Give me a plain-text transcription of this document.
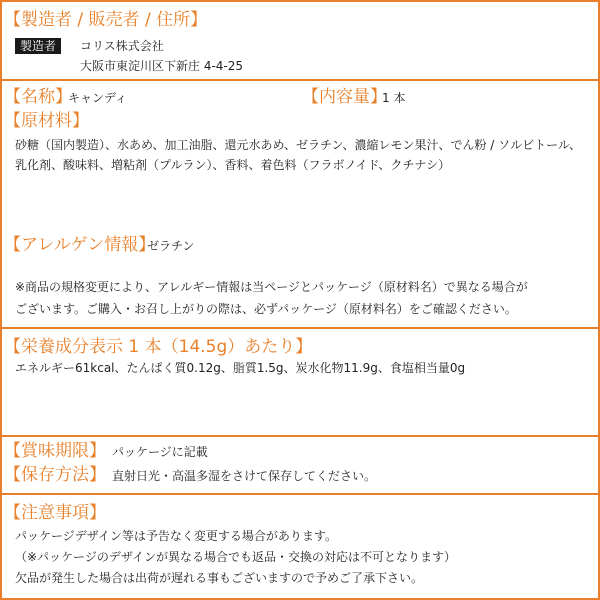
【製造者 / 販売者 / 住所】
製造者	コリス株式会社
大阪市東淀川区下新庄 4-4-25
【名称】
キャンディ	【内容量】
1 本
【原材料】
砂糖（国内製造）、水あめ、加工油脂、還元水あめ、ゼラチン、濃縮レモン果汁、でん粉 / ソルビトール、
乳化剤、酸味料、増粘剤（プルラン）、香料、着色料（フラボノイド、クチナシ）
【アレルゲン情報】
ゼラチン
※商品の規格変更により、アレルギー情報は当ページとパッケージ（原材料名）で異なる場合が
ございます。ご購入・お召し上がりの際は、必ずパッケージ（原材料名）をご確認ください。
【栄養成分表示 1 本（14.5g）あたり】
エネルギー61kcal、たんぱく質0.12g、脂質1.5g、炭水化物11.9g、食塩相当量0g
【賞味期限】 パッケージに記載
【保存方法】 直射日光・高温多湿をさけて保存してください。
【注意事項】
パッケージデザイン等は予告なく変更する場合があります。
（※パッケージのデザインが異なる場合でも返品・交換の対応は不可となります）
欠品が発生した場合は出荷が遅れる事もございますので予めご了承下さい。
